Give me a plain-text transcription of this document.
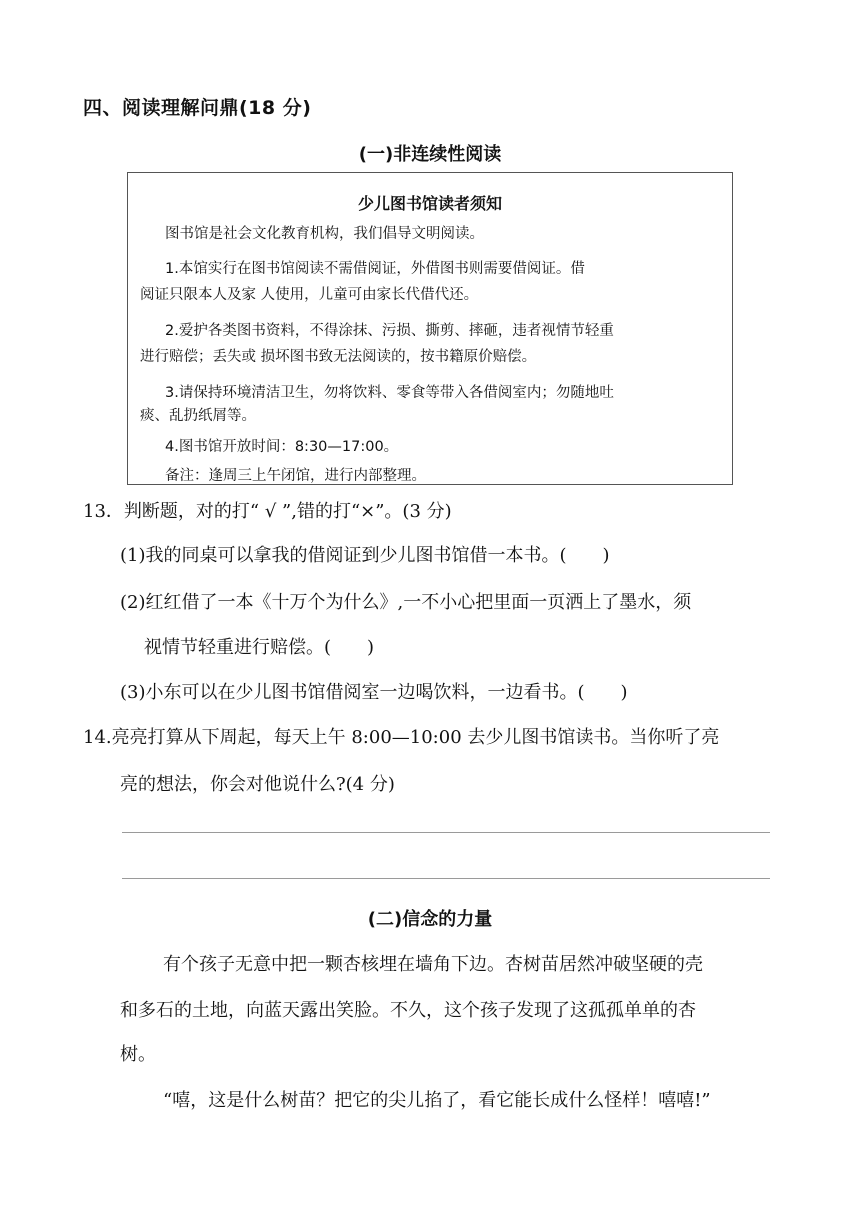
四、阅读理解问鼎(18 分)
(一)非连续性阅读
少儿图书馆读者须知
图书馆是社会文化教育机构，我们倡导文明阅读。
1.本馆实行在图书馆阅读不需借阅证，外借图书则需要借阅证。借
阅证只限本人及家 人使用，儿童可由家长代借代还。
2.爱护各类图书资料，不得涂抹、污损、撕剪、摔砸，违者视情节轻重
进行赔偿；丢失或 损坏图书致无法阅读的，按书籍原价赔偿。
3.请保持环境清洁卫生，勿将饮料、零食等带入各借阅室内；勿随地吐
痰、乱扔纸屑等。
4.图书馆开放时间：8:30—17:00。
备注：逢周三上午闭馆，进行内部整理。
13．判断题，对的打“ √ ”,错的打“×”。(3 分)
(1)我的同桌可以拿我的借阅证到少儿图书馆借一本书。(　　)
(2)红红借了一本《十万个为什么》,一不小心把里面一页洒上了墨水，须
视情节轻重进行赔偿。(　　)
(3)小东可以在少儿图书馆借阅室一边喝饮料，一边看书。(　　)
14.亮亮打算从下周起，每天上午 8:00—10:00 去少儿图书馆读书。当你听了亮
亮的想法，你会对他说什么?(4 分)
(二)信念的力量
有个孩子无意中把一颗杏核埋在墙角下边。杏树苗居然冲破坚硬的壳
和多石的土地，向蓝天露出笑脸。不久，这个孩子发现了这孤孤单单的杏
树。
“嘻，这是什么树苗？把它的尖儿掐了，看它能长成什么怪样！嘻嘻!”
